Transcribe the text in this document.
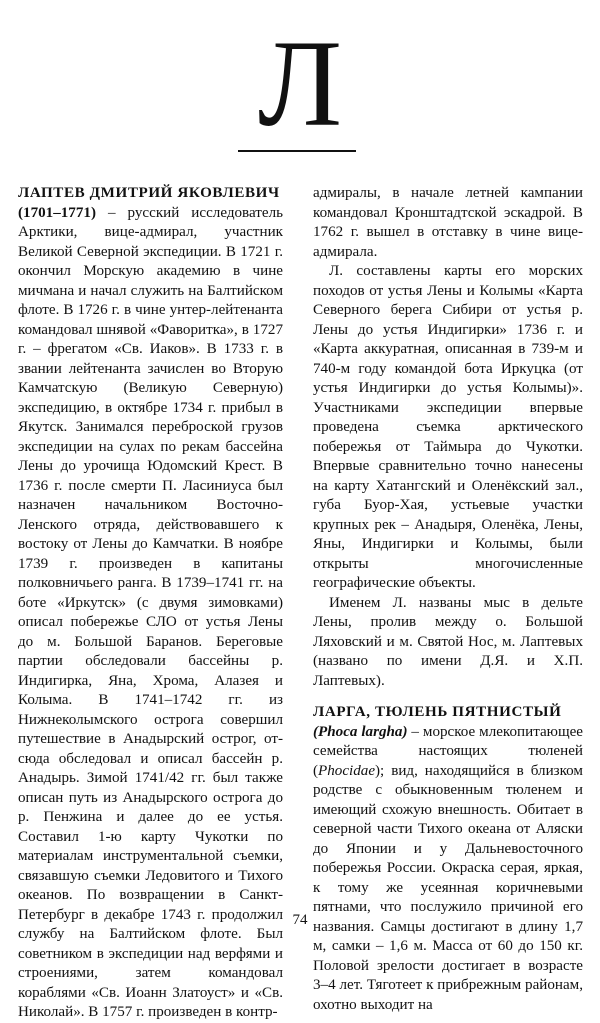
Л

ЛАПТЕВ ДМИТРИЙ ЯКОВЛЕВИЧ
(1701–1771) – русский исследователь Арктики, вице-адмирал, участник Великой Северной экспедиции. В 1721 г. окончил Морскую академию в чине мичмана и начал служить на Балтийском флоте. В 1726 г. в чине унтер-лейтенанта командовал шнявой «Фаворитка», в 1727 г. – фрегатом «Св. Иаков». В 1733 г. в звании лейтенанта зачислен во Вторую Камчатскую (Великую Северную) экспедицию, в октябре 1734 г. прибыл в Якутск. Занимался переброской грузов экспедиции на сулах по рекам бассейна Лены до урочища Юдомский Крест. В 1736 г. после смерти П. Ласиниуса был назначен начальником Восточно-Ленского отряда, действовавшего к востоку от Лены до Камчатки. В ноябре 1739 г. произведен в капитаны полковничьего ранга. В 1739–1741 гг. на боте «Иркутск» (с двумя зимовками) описал побережье СЛО от устья Лены до м. Большой Баранов. Береговые партии обследовали бассейны р. Индигирка, Яна, Хрома, Алазея и Колыма. В 1741–1742 гг. из Нижнеколымского острога совершил путешествие в Анадырский острог, от-сюда обследовал и описал бассейн р. Анадырь. Зимой 1741/42 гг. был также описан путь из Анадырского острога до р. Пенжина и далее до ее устья. Составил 1-ю карту Чукотки по материалам инструментальной съемки, связавшую съемки Ледовитого и Тихого океанов. По возвращении в Санкт-Петербург в декабре 1743 г. продолжил службу на Балтийском флоте. Был советником в экспедиции над верфями и строениями, затем командовал кораблями «Св. Иоанн Златоуст» и «Св. Николай». В 1757 г. произведен в контр-

адмиралы, в начале летней кампании командовал Кронштадтской эскадрой. В 1762 г. вышел в отставку в чине вице-адмирала.

Л. составлены карты его морских походов от устья Лены и Колымы «Карта Северного берега Сибири от устья р. Лены до устья Индигирки» 1736 г. и «Карта аккуратная, описанная в 739-м и 740-м году командой бота Иркуцка (от устья Индигирки до устья Колымы)». Участниками экспедиции впервые проведена съемка арктического побережья от Таймыра до Чукотки. Впервые сравнительно точно нанесены на карту Хатангский и Оленёкский зал., губа Буор-Хая, устьевые участки крупных рек – Анадыря, Оленёка, Лены, Яны, Индигирки и Колымы, были открыты многочисленные географические объекты.

Именем Л. названы мыс в дельте Лены, пролив между о. Большой Ляховский и м. Святой Нос, м. Лаптевых (названо по имени Д.Я. и Х.П. Лаптевых).

ЛАРГА, ТЮЛЕНЬ ПЯТНИСТЫЙ
(Phoca largha) – морское млекопитающее семейства настоящих тюленей (Phocidae); вид, находящийся в близком родстве с обыкновенным тюленем и имеющий схожую внешность. Обитает в северной части Тихого океана от Аляски до Японии и у Дальневосточного побережья России. Окраска серая, яркая, к тому же усеянная коричневыми пятнами, что послужило причиной его названия. Самцы достигают в длину 1,7 м, самки – 1,6 м. Масса от 60 до 150 кг. Половой зрелости достигает в возрасте 3–4 лет. Тяготеет к прибрежным районам, охотно выходит на

74
